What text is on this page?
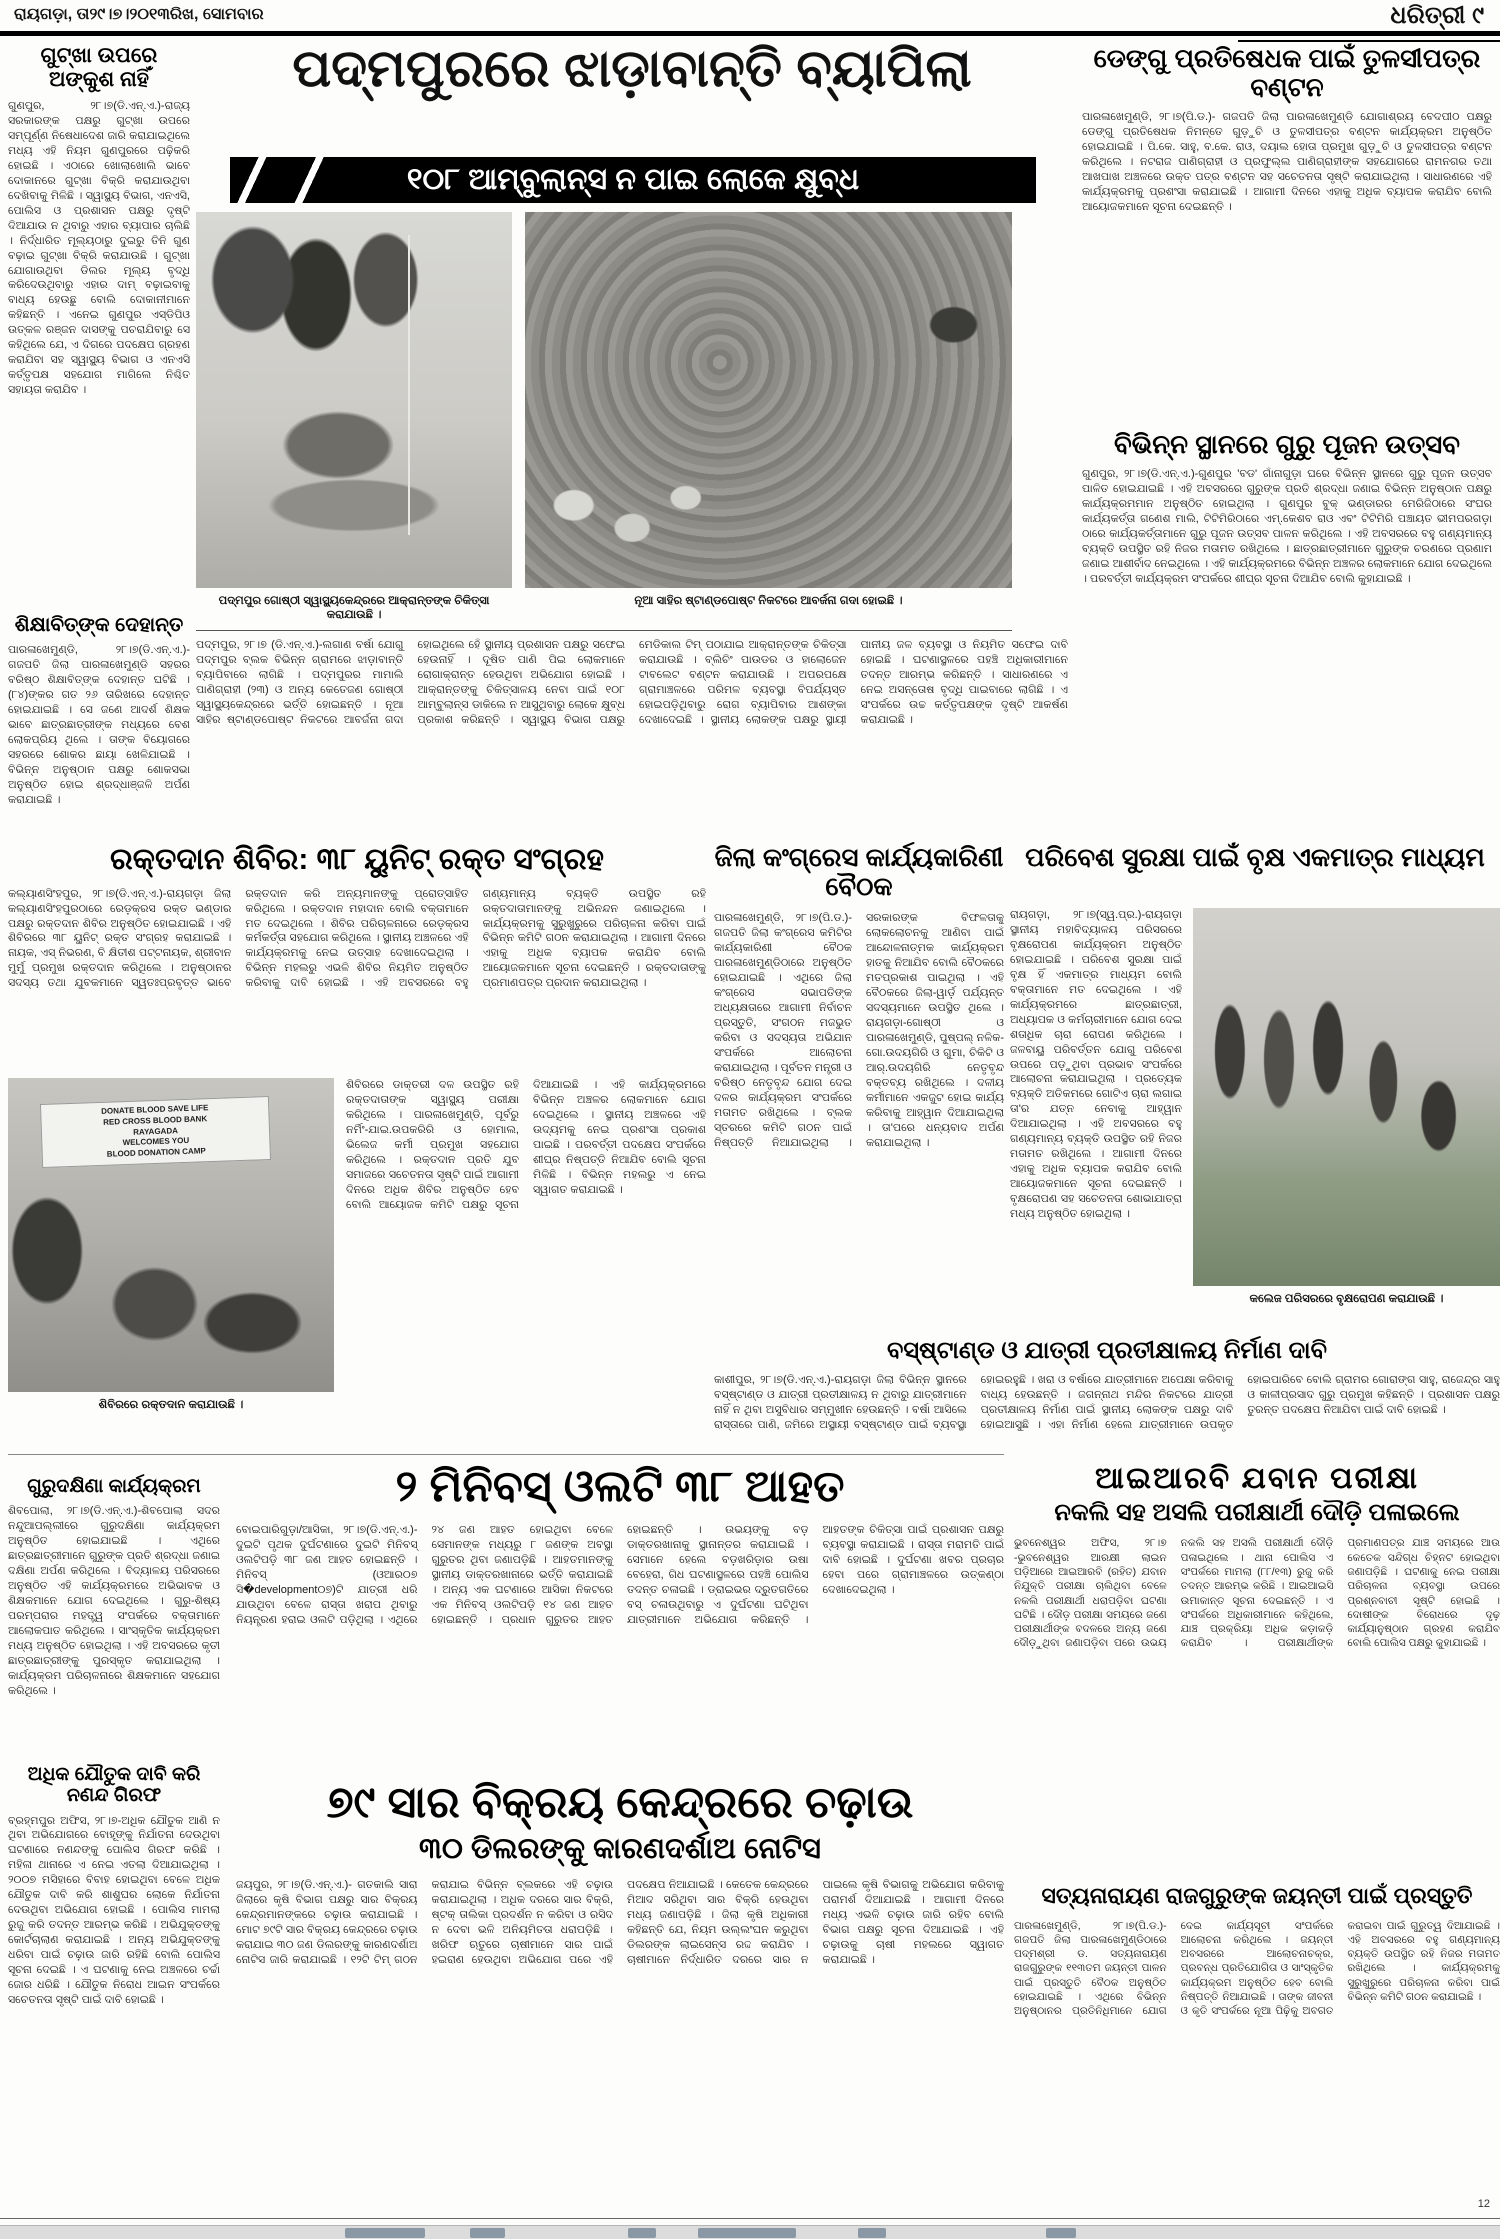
ରାୟଗଡ଼ା, ତା୨୯।୭।୨୦୧୩ରିଖ, ସୋମବାର	ଧରିତ୍ରୀ ୯
ଗୁଟ୍‌ଖା ଉପରେ ଅଙ୍କୁଶ ନାହିଁ
ଗୁଣପୁର, ୨୮।୭(ଡି.ଏନ୍.ଏ.)-ରାଜ୍ୟ ସରକାରଙ୍କ ପକ୍ଷରୁ ଗୁଟ୍‌ଖା ଉପରେ ସମ୍ପୂର୍ଣ୍ଣ ନିଷେଧାଦେଶ ଜାରି କରାଯାଇଥିଲେ ମଧ୍ୟ ଏହି ନିୟମ ଗୁଣପୁରରେ ପଢ଼ିକରି ହୋଇଛି । ଏଠାରେ ଖୋଲାଖୋଲି ଭାବେ ଦୋକାନରେ ଗୁଟ୍‌ଖା ବିକ୍ରି କରାଯାଉଥିବା ଦେଖିବାକୁ ମିଳିଛି । ସ୍ୱାସ୍ଥ୍ୟ ବିଭାଗ, ଏନଏସି, ପୋଲିସ ଓ ପ୍ରଶାସନ ପକ୍ଷରୁ ଦୃଷ୍ଟି ଦିଆଯାଉ ନ ଥିବାରୁ ଏହାର ବ୍ୟାପାର ଚାଲିଛି । ନିର୍ଦ୍ଧାରିତ ମୂଲ୍ୟଠାରୁ ଦୁଇରୁ ତିନି ଗୁଣ ବଢ଼ାଇ ଗୁଟ୍‌ଖା ବିକ୍ରି କରାଯାଉଛି । ଗୁଟ୍‌ଖା ଯୋଗାଉଥିବା ଡିଲର ମୂଲ୍ୟ ବୃଦ୍ଧି କରିଦେଉଥିବାରୁ ଏହାର ଦାମ୍ ବଢ଼ାଇବାକୁ ବାଧ୍ୟ ହେଉଛୁ ବୋଲି ଦୋକାନୀମାନେ କହିଛନ୍ତି । ଏନେଇ ଗୁଣପୁର ଏସ୍‌ଡିପିଓ ଉତ୍କଳ ରଞ୍ଜନ ଦାସଙ୍କୁ ପଚରାଯିବାରୁ ସେ କହିଥିଲେ ଯେ, ଏ ଦିଗରେ ପଦକ୍ଷେପ ଗ୍ରହଣ କରାଯିବା ସହ ସ୍ୱାସ୍ଥ୍ୟ ବିଭାଗ ଓ ଏନଏସି କର୍ତ୍ତୃପକ୍ଷ ସହଯୋଗ ମାଗିଲେ ନିଶ୍ଚିତ ସହାୟତା କରାଯିବ ।
ଶିକ୍ଷାବିତ୍‌ଙ୍କ ଦେହାନ୍ତ
ପାରଳାଖେମୁଣ୍ଡି, ୨୮।୭(ଡି.ଏନ୍.ଏ.)- ଗଜପତି ଜିଲା ପାରଳାଖେମୁଣ୍ଡି ସହରର ବରିଷ୍ଠ ଶିକ୍ଷାବିତ୍‌ଙ୍କ ଦେହାନ୍ତ ଘଟିଛି । (୮୪)ଙ୍କର ଗତ ୨୬ ତାରିଖରେ ଦେହାନ୍ତ ହୋଇଯାଇଛି । ସେ ଜଣେ ଆଦର୍ଶ ଶିକ୍ଷକ ଭାବେ ଛାତ୍ରଛାତ୍ରୀଙ୍କ ମଧ୍ୟରେ ବେଶ ଲୋକପ୍ରିୟ ଥିଲେ । ତାଙ୍କ ବିୟୋଗରେ ସହରରେ ଶୋକର ଛାୟା ଖେଳିଯାଇଛି । ବିଭିନ୍ନ ଅନୁଷ୍ଠାନ ପକ୍ଷରୁ ଶୋକସଭା ଅନୁଷ୍ଠିତ ହୋଇ ଶ୍ରଦ୍ଧାଞ୍ଜଳି ଅର୍ପଣ କରାଯାଇଛି ।
ପଦ୍ମପୁରରେ ଝାଡ଼ାବାନ୍ତି ବ୍ୟାପିଲା
୧୦୮ ଆମ୍ବୁଲାନ୍ସ ନ ପାଇ ଲୋକେ କ୍ଷୁବ୍ଧ
ପଦ୍ମପୁର ଗୋଷ୍ଠୀ ସ୍ୱାସ୍ଥ୍ୟକେନ୍ଦ୍ରରେ ଆକ୍ରାନ୍ତଙ୍କ ଚିକିତ୍ସା କରାଯାଉଛି ।
ନୂଆ ସାହିର ଷ୍ଟାଣ୍ଡପୋଷ୍ଟ ନିକଟରେ ଆବର୍ଜନା ଗଦା ହୋଇଛି ।
ପଦ୍ମପୁର, ୨୮।୭ (ଡି.ଏନ୍.ଏ.)-ଲଗାଣ ବର୍ଷା ଯୋଗୁ ପଦ୍ମପୁର ବ୍ଲକ ବିଭିନ୍ନ ଗ୍ରାମରେ ଝାଡ଼ାବାନ୍ତି ବ୍ୟାପିବାରେ ଲାଗିଛି । ପଦ୍ମପୁରର ମାମାଲି ପାଣିଗ୍ରାହୀ (୨୩) ଓ ଅନ୍ୟ କେତେଜଣ ଗୋଷ୍ଠୀ ସ୍ୱାସ୍ଥ୍ୟକେନ୍ଦ୍ରରେ ଭର୍ତ୍ତି ହୋଇଛନ୍ତି । ନୂଆ ସାହିର ଷ୍ଟାଣ୍ଡପୋଷ୍ଟ ନିକଟରେ ଆବର୍ଜନା ଗଦା ହୋଇଥିଲେ ହେଁ ସ୍ଥାନୀୟ ପ୍ରଶାସନ ପକ୍ଷରୁ ସଫେଇ ହେଉନାହିଁ । ଦୂଷିତ ପାଣି ପିଇ ଲୋକମାନେ ରୋଗାକ୍ରାନ୍ତ ହେଉଥିବା ଅଭିଯୋଗ ହୋଇଛି । ଆକ୍ରାନ୍ତଙ୍କୁ ଚିକିତ୍ସାଳୟ ନେବା ପାଇଁ ୧୦୮ ଆମ୍ବୁଲାନ୍ସ ଡାକିଲେ ନ ଆସୁଥିବାରୁ ଲୋକେ କ୍ଷୁବ୍ଧ ପ୍ରକାଶ କରିଛନ୍ତି । ସ୍ୱାସ୍ଥ୍ୟ ବିଭାଗ ପକ୍ଷରୁ ମେଡିକାଲ ଟିମ୍ ପଠାଯାଇ ଆକ୍ରାନ୍ତଙ୍କ ଚିକିତ୍ସା କରାଯାଉଛି । ବ୍ଲିଚିଂ ପାଉଡର ଓ ହାଲୋଜେନ ଟାବଲେଟ ବଣ୍ଟନ କରାଯାଉଛି । ଅପରପକ୍ଷେ ଗ୍ରାମାଞ୍ଚଳରେ ପରିମଳ ବ୍ୟବସ୍ଥା ବିପର୍ଯ୍ୟସ୍ତ ହୋଇପଡ଼ିଥିବାରୁ ରୋଗ ବ୍ୟାପିବାର ଆଶଙ୍କା ଦେଖାଦେଇଛି । ସ୍ଥାନୀୟ ଲୋକଙ୍କ ପକ୍ଷରୁ ସ୍ଥାୟୀ ପାନୀୟ ଜଳ ବ୍ୟବସ୍ଥା ଓ ନିୟମିତ ସଫେଇ ଦାବି ହୋଇଛି । ଘଟଣାସ୍ଥଳରେ ପହଞ୍ଚି ଅଧିକାରୀମାନେ ତଦନ୍ତ ଆରମ୍ଭ କରିଛନ୍ତି । ସାଧାରଣରେ ଏ ନେଇ ଅସନ୍ତୋଷ ବୃଦ୍ଧି ପାଇବାରେ ଲାଗିଛି । ଏ ସଂପର୍କରେ ଉଚ୍ଚ କର୍ତ୍ତୃପକ୍ଷଙ୍କ ଦୃଷ୍ଟି ଆକର୍ଷଣ କରାଯାଇଛି ।
ଡେଙ୍ଗୁ ପ୍ରତିଷେଧକ ପାଇଁ ତୁଳସୀପତ୍ର ବଣ୍ଟନ
ପାରଳାଖେମୁଣ୍ଡି, ୨୮।୭(ପି.ଡ.)- ଗଜପତି ଜିଲା ପାରଳାଖେମୁଣ୍ଡି ଯୋଗାଶ୍ରୟ ବେଦପୀଠ ପକ୍ଷରୁ ଡେଙ୍ଗୁ ପ୍ରତିଷେଧକ ନିମନ୍ତେ ଗୁଡ଼ୁଚି ଓ ତୁଳସୀପତ୍ର ବଣ୍ଟନ କାର୍ଯ୍ୟକ୍ରମ ଅନୁଷ୍ଠିତ ହୋଇଯାଇଛି । ପି.କେ. ସାହୁ, ବ.କେ. ରାଓ, ଦୟାଲ ହୋତା ପ୍ରମୁଖ ଗୁଡ଼ୁଚି ଓ ତୁଳସୀପତ୍ର ବଣ୍ଟନ କରିଥିଲେ । ନଟରାଜ ପାଣିଗ୍ରାହୀ ଓ ପ୍ରଫୁଲ୍ଲ ପାଣିଗ୍ରାହୀଙ୍କ ସହଯୋଗରେ ରାମନଗର ତଥା ଆଖପାଖ ଅଞ୍ଚଳରେ ଉକ୍ତ ପତ୍ର ବଣ୍ଟନ ସହ ସଚେତନତା ସୃଷ୍ଟି କରାଯାଇଥିଲା । ସାଧାରଣରେ ଏହି କାର୍ଯ୍ୟକ୍ରମକୁ ପ୍ରଶଂସା କରାଯାଇଛି । ଆଗାମୀ ଦିନରେ ଏହାକୁ ଅଧିକ ବ୍ୟାପକ କରାଯିବ ବୋଲି ଆୟୋଜକମାନେ ସୂଚନା ଦେଇଛନ୍ତି ।
ବିଭିନ୍ନ ସ୍ଥାନରେ ଗୁରୁ ପୂଜନ ଉତ୍ସବ
ଗୁଣପୁର, ୨୮।୭(ଡି.ଏନ୍.ଏ.)-ଗୁଣପୁର 'ବଡ' ଗାଁନାଗୁଡ଼ା ଘରେ ବିଭିନ୍ନ ସ୍ଥାନରେ ଗୁରୁ ପୂଜନ ଉତ୍ସବ ପାଳିତ ହୋଇଯାଇଛି । ଏହି ଅବସରରେ ଗୁରୁଙ୍କ ପ୍ରତି ଶ୍ରଦ୍ଧା ଜଣାଇ ବିଭିନ୍ନ ଅନୁଷ୍ଠାନ ପକ୍ଷରୁ କାର୍ଯ୍ୟକ୍ରମମାନ ଅନୁଷ୍ଠିତ ହୋଇଥିଲା । ଗୁଣପୁର ବୁକ୍ ଭଣ୍ଡାରର ମେରିଜିଠାରେ ସଂଘର କାର୍ଯ୍ୟକର୍ତ୍ତା ଗଣେଶ ମାଲି, ଟିଟିମିରିଠାରେ ଏମ୍.କେଶବ ରାଓ ଏବଂ ଟିଟିମିରି ପଞ୍ଚାୟତ ଭୀମପରଗଡ଼ା ଠାରେ କାର୍ଯ୍ୟକର୍ତ୍ତାମାନେ ଗୁରୁ ପୂଜନ ଉତ୍ସବ ପାଳନ କରିଥିଲେ । ଏହି ଅବସରରେ ବହୁ ଗଣ୍ୟମାନ୍ୟ ବ୍ୟକ୍ତି ଉପସ୍ଥିତ ରହି ନିଜର ମତାମତ ରଖିଥିଲେ । ଛାତ୍ରଛାତ୍ରୀମାନେ ଗୁରୁଙ୍କ ଚରଣରେ ପ୍ରଣାମ ଜଣାଇ ଆଶୀର୍ବାଦ ନେଇଥିଲେ । ଏହି କାର୍ଯ୍ୟକ୍ରମରେ ବିଭିନ୍ନ ଅଞ୍ଚଳର ଲୋକମାନେ ଯୋଗ ଦେଇଥିଲେ । ପରବର୍ତ୍ତୀ କାର୍ଯ୍ୟକ୍ରମ ସଂପର୍କରେ ଶୀଘ୍ର ସୂଚନା ଦିଆଯିବ ବୋଲି କୁହାଯାଇଛି ।
ରକ୍ତଦାନ ଶିବିର: ୩୮ ୟୁନିଟ୍ ରକ୍ତ ସଂଗ୍ରହ
କଲ୍ୟାଣସିଂହପୁର, ୨୮।୭(ଡି.ଏନ୍.ଏ.)-ରାୟଗଡ଼ା ଜିଲା କଲ୍ୟାଣସିଂହପୁରଠାରେ ରେଡ଼କ୍ରସ ରକ୍ତ ଭଣ୍ଡାର ପକ୍ଷରୁ ରକ୍ତଦାନ ଶିବିର ଅନୁଷ୍ଠିତ ହୋଇଯାଇଛି । ଏହି ଶିବିରରେ ୩୮ ୟୁନିଟ୍ ରକ୍ତ ସଂଗ୍ରହ କରାଯାଇଛି । ନାୟକ, ଏସ୍ ନିଭରଣ, ବି କ୍ଷିତୀଶ ପଟ୍ଟନାୟକ, ଶ୍ରୀବାନ ମୁର୍ମୁ ପ୍ରମୁଖ ରକ୍ତଦାନ କରିଥିଲେ । ଅନୁଷ୍ଠାନର ସଦସ୍ୟ ତଥା ଯୁବକମାନେ ସ୍ୱତଃପ୍ରବୃତ୍ତ ଭାବେ ରକ୍ତଦାନ କରି ଅନ୍ୟମାନଙ୍କୁ ପ୍ରୋତ୍ସାହିତ କରିଥିଲେ । ରକ୍ତଦାନ ମହାଦାନ ବୋଲି ବକ୍ତାମାନେ ମତ ଦେଇଥିଲେ । ଶିବିର ପରିଚାଳନାରେ ରେଡ଼କ୍ରସ କର୍ମକର୍ତ୍ତା ସହଯୋଗ କରିଥିଲେ । ସ୍ଥାନୀୟ ଅଞ୍ଚଳରେ ଏହି କାର୍ଯ୍ୟକ୍ରମକୁ ନେଇ ଉତ୍ସାହ ଦେଖାଦେଇଥିଲା । ବିଭିନ୍ନ ମହଲରୁ ଏଭଳି ଶିବିର ନିୟମିତ ଅନୁଷ୍ଠିତ କରିବାକୁ ଦାବି ହୋଇଛି । ଏହି ଅବସରରେ ବହୁ ଗଣ୍ୟମାନ୍ୟ ବ୍ୟକ୍ତି ଉପସ୍ଥିତ ରହି ରକ୍ତଦାତାମାନଙ୍କୁ ଅଭିନନ୍ଦନ ଜଣାଇଥିଲେ । କାର୍ଯ୍ୟକ୍ରମକୁ ସୁରୁଖୁରୁରେ ପରିଚାଳନା କରିବା ପାଇଁ ବିଭିନ୍ନ କମିଟି ଗଠନ କରାଯାଇଥିଲା । ଆଗାମୀ ଦିନରେ ଏହାକୁ ଅଧିକ ବ୍ୟାପକ କରାଯିବ ବୋଲି ଆୟୋଜକମାନେ ସୂଚନା ଦେଇଛନ୍ତି । ରକ୍ତଦାତାଙ୍କୁ ପ୍ରମାଣପତ୍ର ପ୍ରଦାନ କରାଯାଇଥିଲା ।
DONATE BLOOD SAVE LIFE
RED CROSS BLOOD BANK
RAYAGADA
WELCOMES YOU
BLOOD DONATION CAMP
ଶିବିରରେ ରକ୍ତଦାନ କରାଯାଉଛି ।
ଶିବିରରେ ଡାକ୍ତରୀ ଦଳ ଉପସ୍ଥିତ ରହି ରକ୍ତଦାତାଙ୍କ ସ୍ୱାସ୍ଥ୍ୟ ପରୀକ୍ଷା କରିଥିଲେ । ପାରଳାଖେମୁଣ୍ଡି, ପୂର୍ବରୁ ନର୍ମିଂ-ଯାଇ.ଉପକରିରି ଓ ହୋମାଲ, ଭିଲେଜ କର୍ମୀ ପ୍ରମୁଖ ସହଯୋଗ କରିଥିଲେ । ରକ୍ତଦାନ ପ୍ରତି ଯୁବ ସମାଜରେ ସଚେତନତା ସୃଷ୍ଟି ପାଇଁ ଆଗାମୀ ଦିନରେ ଅଧିକ ଶିବିର ଅନୁଷ୍ଠିତ ହେବ ବୋଲି ଆୟୋଜକ କମିଟି ପକ୍ଷରୁ ସୂଚନା ଦିଆଯାଇଛି । ଏହି କାର୍ଯ୍ୟକ୍ରମରେ ବିଭିନ୍ନ ଅଞ୍ଚଳର ଲୋକମାନେ ଯୋଗ ଦେଇଥିଲେ । ସ୍ଥାନୀୟ ଅଞ୍ଚଳରେ ଏହି ଉଦ୍ୟମକୁ ନେଇ ପ୍ରଶଂସା ପ୍ରକାଶ ପାଇଛି । ପରବର୍ତ୍ତୀ ପଦକ୍ଷେପ ସଂପର୍କରେ ଶୀଘ୍ର ନିଷ୍ପତ୍ତି ନିଆଯିବ ବୋଲି ସୂଚନା ମିଳିଛି । ବିଭିନ୍ନ ମହଲରୁ ଏ ନେଇ ସ୍ୱାଗତ କରାଯାଇଛି ।
ଜିଲା କଂଗ୍ରେସ କାର୍ଯ୍ୟକାରିଣୀ ବୈଠକ
ପାରଳାଖେମୁଣ୍ଡି, ୨୮।୭(ପି.ଡ.)- ଗଜପତି ଜିଲା କଂଗ୍ରେସ କମିଟିର କାର୍ଯ୍ୟକାରିଣୀ ବୈଠକ ପାରଳାଖେମୁଣ୍ଡିଠାରେ ଅନୁଷ୍ଠିତ ହୋଇଯାଇଛି । ଏଥିରେ ଜିଲା କଂଗ୍ରେସ ସଭାପତିଙ୍କ ଅଧ୍ୟକ୍ଷତାରେ ଆଗାମୀ ନିର୍ବାଚନ ପ୍ରସ୍ତୁତି, ସଂଗଠନ ମଜଭୁତ କରିବା ଓ ସଦସ୍ୟତା ଅଭିଯାନ ସଂପର୍କରେ ଆଲୋଚନା କରାଯାଇଥିଲା । ପୂର୍ବତନ ମନ୍ତ୍ରୀ ଓ ବରିଷ୍ଠ ନେତୃବୃନ୍ଦ ଯୋଗ ଦେଇ ଦଳର କାର୍ଯ୍ୟକ୍ରମ ସଂପର୍କରେ ମତାମତ ରଖିଥିଲେ । ବ୍ଲକ ସ୍ତରରେ କମିଟି ଗଠନ ପାଇଁ ନିଷ୍ପତ୍ତି ନିଆଯାଇଥିଲା । ସରକାରଙ୍କ ବିଫଳତାକୁ ଲୋକଲୋଚନକୁ ଆଣିବା ପାଇଁ ଆନ୍ଦୋଳନାତ୍ମକ କାର୍ଯ୍ୟକ୍ରମ ହାତକୁ ନିଆଯିବ ବୋଲି ବୈଠକରେ ମତପ୍ରକାଶ ପାଇଥିଲା । ଏହି ବୈଠକରେ ଜିଲା-ୱାର୍ଡ଼ ପର୍ଯ୍ୟନ୍ତ ସଦସ୍ୟମାନେ ଉପସ୍ଥିତ ଥିଲେ । ରାୟଗଡ଼ା-ଗୋଷ୍ଠୀ ଓ ପାରଳାଖେମୁଣ୍ଡି, ପୁଷ୍ପଲ୍ ନଳିକ-ଗୋ.ଉଦୟଗିରି ଓ ଗୁମା, ଚିକିଟି ଓ ଆର୍.ଉଦୟଗିରି ନେତୃବୃନ୍ଦ ବକ୍ତବ୍ୟ ରଖିଥିଲେ । ଦଳୀୟ କର୍ମୀମାନେ ଏକଜୁଟ ହୋଇ କାର୍ଯ୍ୟ କରିବାକୁ ଆହ୍ୱାନ ଦିଆଯାଇଥିଲା । ତା'ପରେ ଧନ୍ୟବାଦ ଅର୍ପଣ କରାଯାଇଥିଲା ।
ପରିବେଶ ସୁରକ୍ଷା ପାଇଁ ବୃକ୍ଷ ଏକମାତ୍ର ମାଧ୍ୟମ
ରାୟଗଡ଼ା, ୨୮।୭(ସ୍ୱ.ପ୍ର.)-ରାୟଗଡ଼ା ସ୍ଥାନୀୟ ମହାବିଦ୍ୟାଳୟ ପରିସରରେ ବୃକ୍ଷରୋପଣ କାର୍ଯ୍ୟକ୍ରମ ଅନୁଷ୍ଠିତ ହୋଇଯାଇଛି । ପରିବେଶ ସୁରକ୍ଷା ପାଇଁ ବୃକ୍ଷ ହିଁ ଏକମାତ୍ର ମାଧ୍ୟମ ବୋଲି ବକ୍ତାମାନେ ମତ ଦେଇଥିଲେ । ଏହି କାର୍ଯ୍ୟକ୍ରମରେ ଛାତ୍ରଛାତ୍ରୀ, ଅଧ୍ୟାପକ ଓ କର୍ମଚାରୀମାନେ ଯୋଗ ଦେଇ ଶତାଧିକ ଚାରା ରୋପଣ କରିଥିଲେ । ଜଳବାୟୁ ପରିବର୍ତ୍ତନ ଯୋଗୁ ପରିବେଶ ଉପରେ ପଡ଼ୁଥିବା ପ୍ରଭାବ ସଂପର୍କରେ ଆଲୋଚନା କରାଯାଇଥିଲା । ପ୍ରତ୍ୟେକ ବ୍ୟକ୍ତି ଅତିକମରେ ଗୋଟିଏ ଚାରା ଲଗାଇ ତା'ର ଯତ୍ନ ନେବାକୁ ଆହ୍ୱାନ ଦିଆଯାଇଥିଲା । ଏହି ଅବସରରେ ବହୁ ଗଣ୍ୟମାନ୍ୟ ବ୍ୟକ୍ତି ଉପସ୍ଥିତ ରହି ନିଜର ମତାମତ ରଖିଥିଲେ । ଆଗାମୀ ଦିନରେ ଏହାକୁ ଅଧିକ ବ୍ୟାପକ କରାଯିବ ବୋଲି ଆୟୋଜକମାନେ ସୂଚନା ଦେଇଛନ୍ତି । ବୃକ୍ଷରୋପଣ ସହ ସଚେତନତା ଶୋଭାଯାତ୍ରା ମଧ୍ୟ ଅନୁଷ୍ଠିତ ହୋଇଥିଲା ।
କଲେଜ ପରିସରରେ ବୃକ୍ଷରୋପଣ କରାଯାଉଛି ।
ବସ୍‌ଷ୍ଟାଣ୍ଡ ଓ ଯାତ୍ରୀ ପ୍ରତୀକ୍ଷାଳୟ ନିର୍ମାଣ ଦାବି
କାଶୀପୁର, ୨୮।୭(ଡି.ଏନ୍.ଏ.)-ରାୟଗଡ଼ା ଜିଲା ବିଭିନ୍ନ ସ୍ଥାନରେ ବସ୍‌ଷ୍ଟାଣ୍ଡ ଓ ଯାତ୍ରୀ ପ୍ରତୀକ୍ଷାଳୟ ନ ଥିବାରୁ ଯାତ୍ରୀମାନେ ନାହିଁ ନ ଥିବା ଅସୁବିଧାର ସମ୍ମୁଖୀନ ହେଉଛନ୍ତି । ବର୍ଷା ଆସିଲେ ରାସ୍ତାରେ ପାଣି, ଜମିରେ ଅସ୍ଥାୟୀ ବସ୍‌ଷ୍ଟାଣ୍ଡ ପାଇଁ ବ୍ୟବସ୍ଥା ହୋଇରହୁଛି । ଖରା ଓ ବର୍ଷାରେ ଯାତ୍ରୀମାନେ ଅପେକ୍ଷା କରିବାକୁ ବାଧ୍ୟ ହେଉଛନ୍ତି । ଜଗନ୍ନାଥ ମନ୍ଦିର ନିକଟରେ ଯାତ୍ରୀ ପ୍ରତୀକ୍ଷାଳୟ ନିର୍ମାଣ ପାଇଁ ସ୍ଥାନୀୟ ଲୋକଙ୍କ ପକ୍ଷରୁ ଦାବି ହୋଇଆସୁଛି । ଏହା ନିର୍ମାଣ ହେଲେ ଯାତ୍ରୀମାନେ ଉପକୃତ ହୋଇପାରିବେ ବୋଲି ଗ୍ରାମର ଗୋରାଙ୍ଗ ସାହୁ, ରାଜେନ୍ଦ୍ର ସାହୁ ଓ କାଳୀପ୍ରସାଦ ଗୁରୁ ପ୍ରମୁଖ କହିଛନ୍ତି । ପ୍ରଶାସନ ପକ୍ଷରୁ ତୁରନ୍ତ ପଦକ୍ଷେପ ନିଆଯିବା ପାଇଁ ଦାବି ହୋଇଛି ।
ଗୁରୁଦକ୍ଷିଣା କାର୍ଯ୍ୟକ୍ରମ
ଶିବପୋଲା, ୨୮।୭(ଡି.ଏନ୍.ଏ.)-ଶିବପୋଲା ସଦର ନନ୍ଦୁଆପଲ୍ଲୀରେ ଗୁରୁଦକ୍ଷିଣା କାର୍ଯ୍ୟକ୍ରମ ଅନୁଷ୍ଠିତ ହୋଇଯାଇଛି । ଏଥିରେ ଛାତ୍ରଛାତ୍ରୀମାନେ ଗୁରୁଙ୍କ ପ୍ରତି ଶ୍ରଦ୍ଧା ଜଣାଇ ଦକ୍ଷିଣା ଅର୍ପଣ କରିଥିଲେ । ବିଦ୍ୟାଳୟ ପରିସରରେ ଅନୁଷ୍ଠିତ ଏହି କାର୍ଯ୍ୟକ୍ରମରେ ଅଭିଭାବକ ଓ ଶିକ୍ଷକମାନେ ଯୋଗ ଦେଇଥିଲେ । ଗୁରୁ-ଶିଷ୍ୟ ପରମ୍ପରାର ମହତ୍ତ୍ୱ ସଂପର୍କରେ ବକ୍ତାମାନେ ଆଲୋକପାତ କରିଥିଲେ । ସାଂସ୍କୃତିକ କାର୍ଯ୍ୟକ୍ରମ ମଧ୍ୟ ଅନୁଷ୍ଠିତ ହୋଇଥିଲା । ଏହି ଅବସରରେ କୃତୀ ଛାତ୍ରଛାତ୍ରୀଙ୍କୁ ପୁରସ୍କୃତ କରାଯାଇଥିଲା । କାର୍ଯ୍ୟକ୍ରମ ପରିଚାଳନାରେ ଶିକ୍ଷକମାନେ ସହଯୋଗ କରିଥିଲେ ।
ଅଧିକ ଯୌତୁକ ଦାବି କରି ନଣନ୍ଦ ଗିରଫ
ବ୍ରହ୍ମପୁର ଅଫିସ, ୨୮।୭-ଅଧିକ ଯୌତୁକ ଆଣି ନ ଥିବା ଅଭିଯୋଗରେ ବୋହୂଙ୍କୁ ନିର୍ଯାତନା ଦେଉଥିବା ଘଟଣାରେ ନଣନ୍ଦଙ୍କୁ ପୋଲିସ ଗିରଫ କରିଛି । ମହିଳା ଥାନାରେ ଏ ନେଇ ଏତଲା ଦିଆଯାଇଥିଲା । ୨୦୦୭ ମସିହାରେ ବିବାହ ହୋଇଥିବା ବେଳେ ଅଧିକ ଯୌତୁକ ଦାବି କରି ଶାଶୁଘର ଲୋକେ ନିର୍ଯାତନା ଦେଉଥିବା ଅଭିଯୋଗ ହୋଇଛି । ପୋଲିସ ମାମଲା ରୁଜୁ କରି ତଦନ୍ତ ଆରମ୍ଭ କରିଛି । ଅଭିଯୁକ୍ତଙ୍କୁ କୋର୍ଟଚାଲାଣ କରାଯାଇଛି । ଅନ୍ୟ ଅଭିଯୁକ୍ତଙ୍କୁ ଧରିବା ପାଇଁ ଚଢ଼ାଉ ଜାରି ରହିଛି ବୋଲି ପୋଲିସ ସୂଚନା ଦେଇଛି । ଏ ଘଟଣାକୁ ନେଇ ଅଞ୍ଚଳରେ ଚର୍ଚ୍ଚା ଜୋର ଧରିଛି । ଯୌତୁକ ନିରୋଧ ଆଇନ ସଂପର୍କରେ ସଚେତନତା ସୃଷ୍ଟି ପାଇଁ ଦାବି ହୋଇଛି ।
୨ ମିନିବସ୍ ଓଲଟି ୩୮ ଆହତ
ବୋଇପାରିଗୁଡ଼ା/ଆସିକା, ୨୮।୭(ଡି.ଏନ୍.ଏ.)-ଦୁଇଟି ପୃଥକ ଦୁର୍ଘଟଣାରେ ଦୁଇଟି ମିନିବସ୍ ଓଲଟିପଡ଼ି ୩୮ ଜଣ ଆହତ ହୋଇଛନ୍ତି । ମିନିବସ୍ (ଓଆର୦୭ ସି�development୦୭)ଟି ଯାତ୍ରୀ ଧରି ଯାଉଥିବା ବେଳେ ରାସ୍ତା ଖରାପ ଥିବାରୁ ନିୟନ୍ତ୍ରଣ ହରାଇ ଓଲଟି ପଡ଼ିଥିଲା । ଏଥିରେ ୨୪ ଜଣ ଆହତ ହୋଇଥିବା ବେଳେ ସେମାନଙ୍କ ମଧ୍ୟରୁ ୮ ଜଣଙ୍କ ଅବସ୍ଥା ଗୁରୁତର ଥିବା ଜଣାପଡ଼ିଛି । ଆହତମାନଙ୍କୁ ସ୍ଥାନୀୟ ଡାକ୍ତରଖାନାରେ ଭର୍ତ୍ତି କରାଯାଇଛି । ଅନ୍ୟ ଏକ ଘଟଣାରେ ଆସିକା ନିକଟରେ ଏକ ମିନିବସ୍ ଓଲଟିପଡ଼ି ୧୪ ଜଣ ଆହତ ହୋଇଛନ୍ତି । ପ୍ରଧାନ ଗୁରୁତର ଆହତ ହୋଇଛନ୍ତି । ଉଭୟଙ୍କୁ ବଡ଼ ଡାକ୍ତରଖାନାକୁ ସ୍ଥାନାନ୍ତର କରାଯାଇଛି । ସେମାନେ ହେଲେ ବଡ଼ଖରିଡ଼ାର ଉଷା ବେହେରା, ଗିଧ ଘଟଣାସ୍ଥଳରେ ପହଞ୍ଚି ପୋଲିସ ତଦନ୍ତ ଚଳାଇଛି । ଡ୍ରାଇଭର ଦ୍ରୁତଗତିରେ ବସ୍ ଚଳାଉଥିବାରୁ ଏ ଦୁର୍ଘଟଣା ଘଟିଥିବା ଯାତ୍ରୀମାନେ ଅଭିଯୋଗ କରିଛନ୍ତି । ଆହତଙ୍କ ଚିକିତ୍ସା ପାଇଁ ପ୍ରଶାସନ ପକ୍ଷରୁ ବ୍ୟବସ୍ଥା କରାଯାଇଛି । ରାସ୍ତା ମରାମତି ପାଇଁ ଦାବି ହୋଇଛି । ଦୁର୍ଘଟଣା ଖବର ପ୍ରଚାର ହେବା ପରେ ଗ୍ରାମାଞ୍ଚଳରେ ଉତ୍କଣ୍ଠା ଦେଖାଦେଇଥିଲା ।
୭୯ ସାର ବିକ୍ରୟ କେନ୍ଦ୍ରରେ ଚଢ଼ାଉ
୩୦ ଡିଲରଙ୍କୁ କାରଣଦର୍ଶାଅ ନୋଟିସ
ଜୟପୁର, ୨୮।୭(ଡି.ଏନ୍.ଏ.)- ଗତକାଲି ସାରା ଜିଲାରେ କୃଷି ବିଭାଗ ପକ୍ଷରୁ ସାର ବିକ୍ରୟ କେନ୍ଦ୍ରମାନଙ୍କରେ ଚଢ଼ାଉ କରାଯାଇଛି । ମୋଟ ୭୯ଟି ସାର ବିକ୍ରୟ କେନ୍ଦ୍ରରେ ଚଢ଼ାଉ କରାଯାଇ ୩୦ ଜଣ ଡିଲରଙ୍କୁ କାରଣଦର୍ଶାଅ ନୋଟିସ ଜାରି କରାଯାଇଛି । ୧୨ଟି ଟିମ୍ ଗଠନ କରାଯାଇ ବିଭିନ୍ନ ବ୍ଲକରେ ଏହି ଚଢ଼ାଉ କରାଯାଇଥିଲା । ଅଧିକ ଦରରେ ସାର ବିକ୍ରି, ଷ୍ଟକ୍ ତାଲିକା ପ୍ରଦର୍ଶନ ନ କରିବା ଓ ରସିଦ ନ ଦେବା ଭଳି ଅନିୟମିତତା ଧରାପଡ଼ିଛି । ଖରିଫ ଋତୁରେ ଚାଷୀମାନେ ସାର ପାଇଁ ହଇରାଣ ହେଉଥିବା ଅଭିଯୋଗ ପରେ ଏହି ପଦକ୍ଷେପ ନିଆଯାଇଛି । କେତେକ କେନ୍ଦ୍ରରେ ମିଆଦ ସରିଥିବା ସାର ବିକ୍ରି ହେଉଥିବା ମଧ୍ୟ ଜଣାପଡ଼ିଛି । ଜିଲା କୃଷି ଅଧିକାରୀ କହିଛନ୍ତି ଯେ, ନିୟମ ଉଲ୍ଲଂଘନ କରୁଥିବା ଡିଲରଙ୍କ ଲାଇସେନ୍ସ ରଦ୍ଦ କରାଯିବ । ଚାଷୀମାନେ ନିର୍ଦ୍ଧାରିତ ଦରରେ ସାର ନ ପାଇଲେ କୃଷି ବିଭାଗକୁ ଅଭିଯୋଗ କରିବାକୁ ପରାମର୍ଶ ଦିଆଯାଇଛି । ଆଗାମୀ ଦିନରେ ମଧ୍ୟ ଏଭଳି ଚଢ଼ାଉ ଜାରି ରହିବ ବୋଲି ବିଭାଗ ପକ୍ଷରୁ ସୂଚନା ଦିଆଯାଇଛି । ଏହି ଚଢ଼ାଉକୁ ଚାଷୀ ମହଲରେ ସ୍ୱାଗତ କରାଯାଇଛି ।
ଆଇଆରବି ଯବାନ ପରୀକ୍ଷା
ନକଲି ସହ ଅସଲି ପରୀକ୍ଷାର୍ଥୀ ଦୌଡ଼ି ପଳାଇଲେ
ଭୁବନେଶ୍ୱର ଅଫିସ, ୨୮।୭ -ଭୁବନେଶ୍ୱର ଆରକ୍ଷୀ ଲାଇନ ପଡ଼ିଆରେ ଆଇଆରବି (ରହିତ) ଯବାନ ନିଯୁକ୍ତି ପରୀକ୍ଷା ଚାଲିଥିବା ବେଳେ ନକଲି ପରୀକ୍ଷାର୍ଥୀ ଧରାପଡ଼ିବା ଘଟଣା ଘଟିଛି । ଦୌଡ଼ ପରୀକ୍ଷା ସମୟରେ ଜଣେ ପରୀକ୍ଷାର୍ଥୀଙ୍କ ବଦଳରେ ଅନ୍ୟ ଜଣେ ଦୌଡ଼ୁଥିବା ଜଣାପଡ଼ିବା ପରେ ଉଭୟ ନକଲି ସହ ଅସଲି ପରୀକ୍ଷାର୍ଥୀ ଦୌଡ଼ି ପଳାଇଥିଲେ । ଥାନା ପୋଲିସ ଏ ସଂପର୍କରେ ମାମଲା (୮୮/୧୩) ରୁଜୁ କରି ତଦନ୍ତ ଆରମ୍ଭ କରିଛି । ଆଇଆଇସି ଉମାକାନ୍ତ ସୂଚନା ଦେଇଛନ୍ତି । ଏ ସଂପର୍କରେ ଅଧିକାରୀମାନେ କହିଥିଲେ, ଯାଞ୍ଚ ପ୍ରକ୍ରିୟା ଅଧିକ କଡ଼ାକଡ଼ି କରାଯିବ । ପରୀକ୍ଷାର୍ଥୀଙ୍କ ପ୍ରମାଣପତ୍ର ଯାଞ୍ଚ ସମୟରେ ଆଉ କେତେକ ସନ୍ଦିଗ୍ଧ ଚିହ୍ନଟ ହୋଇଥିବା ଜଣାପଡ଼ିଛି । ଘଟଣାକୁ ନେଇ ପରୀକ୍ଷା ପରିଚାଳନା ବ୍ୟବସ୍ଥା ଉପରେ ପ୍ରଶ୍ନବାଚୀ ସୃଷ୍ଟି ହୋଇଛି । ଦୋଷୀଙ୍କ ବିରୋଧରେ ଦୃଢ଼ କାର୍ଯ୍ୟାନୁଷ୍ଠାନ ଗ୍ରହଣ କରାଯିବ ବୋଲି ପୋଲିସ ପକ୍ଷରୁ କୁହାଯାଇଛି ।
ସତ୍ୟନାରାୟଣ ରାଜଗୁରୁଙ୍କ ଜୟନ୍ତୀ ପାଇଁ ପ୍ରସ୍ତୁତି
ପାରଳାଖେମୁଣ୍ଡି, ୨୮।୭(ପି.ଡ.)- ଗଜପତି ଜିଲା ପାରଳାଖେମୁଣ୍ଡିଠାରେ ପଦ୍ମଶ୍ରୀ ଡ. ସତ୍ୟନାରାୟଣ ରାଜଗୁରୁଙ୍କ ୧୧୩ତମ ଜୟନ୍ତୀ ପାଳନ ପାଇଁ ପ୍ରସ୍ତୁତି ବୈଠକ ଅନୁଷ୍ଠିତ ହୋଇଯାଇଛି । ଏଥିରେ ବିଭିନ୍ନ ଅନୁଷ୍ଠାନର ପ୍ରତିନିଧିମାନେ ଯୋଗ ଦେଇ କାର୍ଯ୍ୟସୂଚୀ ସଂପର୍କରେ ଆଲୋଚନା କରିଥିଲେ । ଜୟନ୍ତୀ ଅବସରରେ ଆଲୋଚନାଚକ୍ର, ପ୍ରବନ୍ଧ ପ୍ରତିଯୋଗିତା ଓ ସାଂସ୍କୃତିକ କାର୍ଯ୍ୟକ୍ରମ ଅନୁଷ୍ଠିତ ହେବ ବୋଲି ନିଷ୍ପତ୍ତି ନିଆଯାଇଛି । ତାଙ୍କ ଜୀବନୀ ଓ କୃତି ସଂପର୍କରେ ନୂଆ ପିଢ଼ିକୁ ଅବଗତ କରାଇବା ପାଇଁ ଗୁରୁତ୍ୱ ଦିଆଯାଇଛି । ଏହି ଅବସରରେ ବହୁ ଗଣ୍ୟମାନ୍ୟ ବ୍ୟକ୍ତି ଉପସ୍ଥିତ ରହି ନିଜର ମତାମତ ରଖିଥିଲେ । କାର୍ଯ୍ୟକ୍ରମକୁ ସୁରୁଖୁରୁରେ ପରିଚାଳନା କରିବା ପାଇଁ ବିଭିନ୍ନ କମିଟି ଗଠନ କରାଯାଇଛି ।
12
